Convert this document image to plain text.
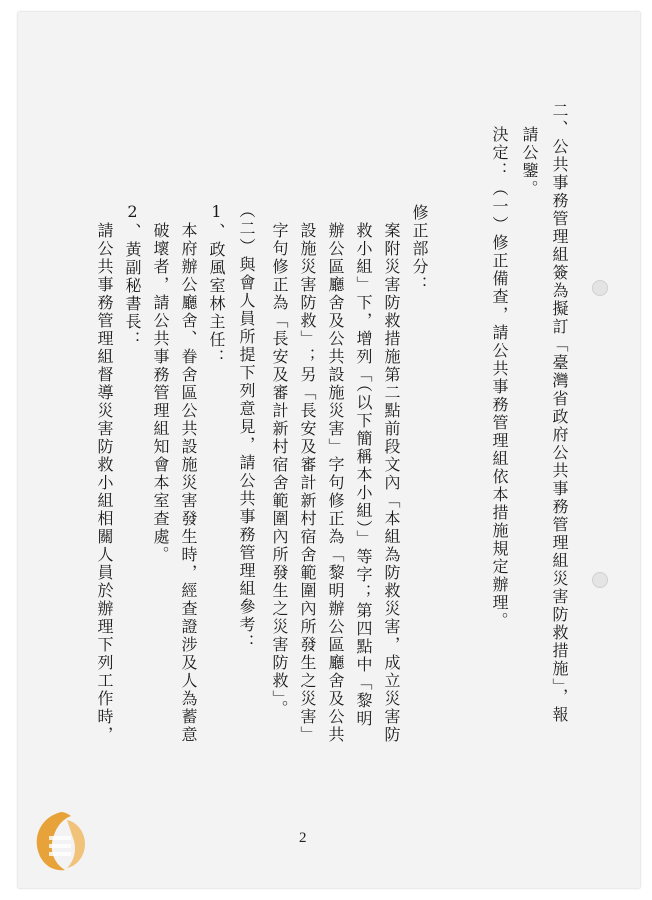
二、公共事務管理組簽為擬訂「臺灣省政府公共事務管理組災害防救措施」，報
請公鑒。
決定：（一）修正備查，請公共事務管理組依本措施規定辦理。
修正部分：
案附災害防救措施第二點前段文內「本組為防救災害，成立災害防
救小組」下，增列「（以下簡稱本小組）」等字；第四點中「黎明
辦公區廳舍及公共設施災害」字句修正為「黎明辦公區廳舍及公共
設施災害防救」；另「長安及審計新村宿舍範圍內所發生之災害」
字句修正為「長安及審計新村宿舍範圍內所發生之災害防救」。
（二）與會人員所提下列意見，請公共事務管理組參考：
1、政風室林主任：
本府辦公廳舍、眷舍區公共設施災害發生時，經查證涉及人為蓄意
破壞者，請公共事務管理組知會本室查處。
2、黃副秘書長：
請公共事務管理組督導災害防救小組相關人員於辦理下列工作時，
2
